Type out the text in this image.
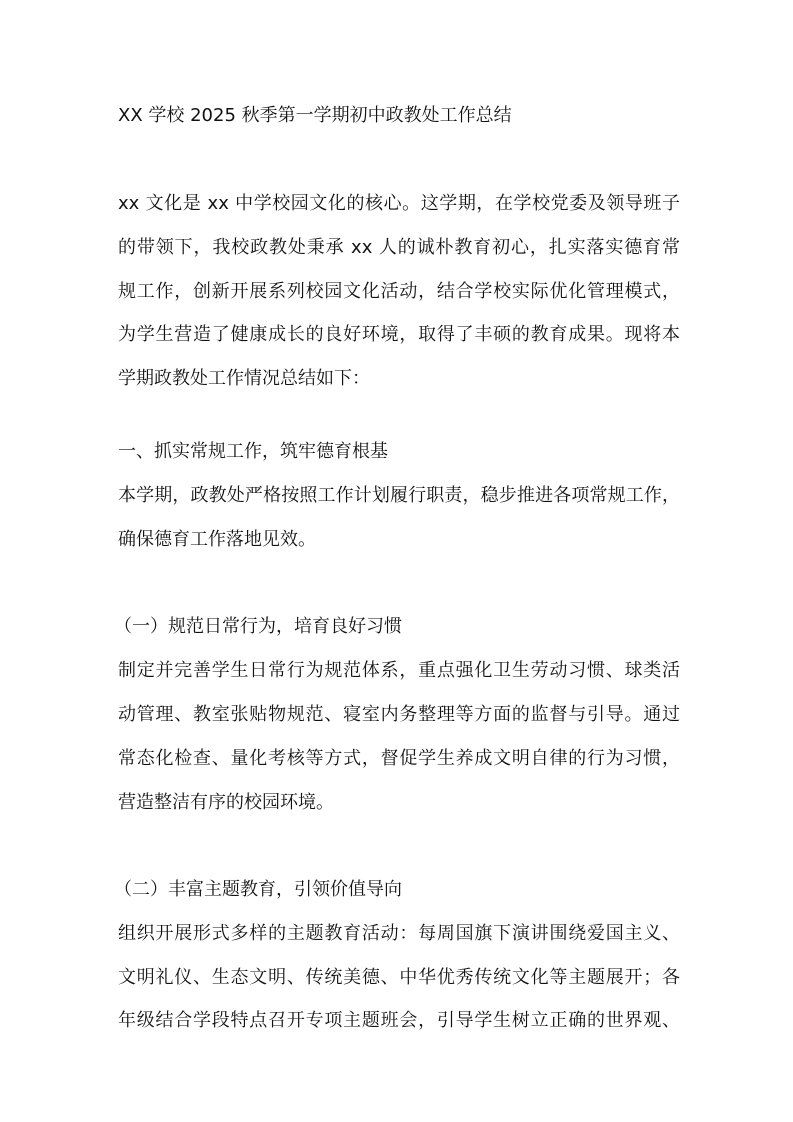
XX 学校 2025 秋季第一学期初中政教处工作总结
xx 文化是 xx 中学校园文化的核心。这学期，在学校党委及领导班子
的带领下，我校政教处秉承 xx 人的诚朴教育初心，扎实落实德育常
规工作，创新开展系列校园文化活动，结合学校实际优化管理模式，
为学生营造了健康成长的良好环境，取得了丰硕的教育成果。现将本
学期政教处工作情况总结如下：
一、抓实常规工作，筑牢德育根基
本学期，政教处严格按照工作计划履行职责，稳步推进各项常规工作，
确保德育工作落地见效。
（一）规范日常行为，培育良好习惯
制定并完善学生日常行为规范体系，重点强化卫生劳动习惯、球类活
动管理、教室张贴物规范、寝室内务整理等方面的监督与引导。通过
常态化检查、量化考核等方式，督促学生养成文明自律的行为习惯，
营造整洁有序的校园环境。
（二）丰富主题教育，引领价值导向
组织开展形式多样的主题教育活动：每周国旗下演讲围绕爱国主义、
文明礼仪、生态文明、传统美德、中华优秀传统文化等主题展开；各
年级结合学段特点召开专项主题班会，引导学生树立正确的世界观、
